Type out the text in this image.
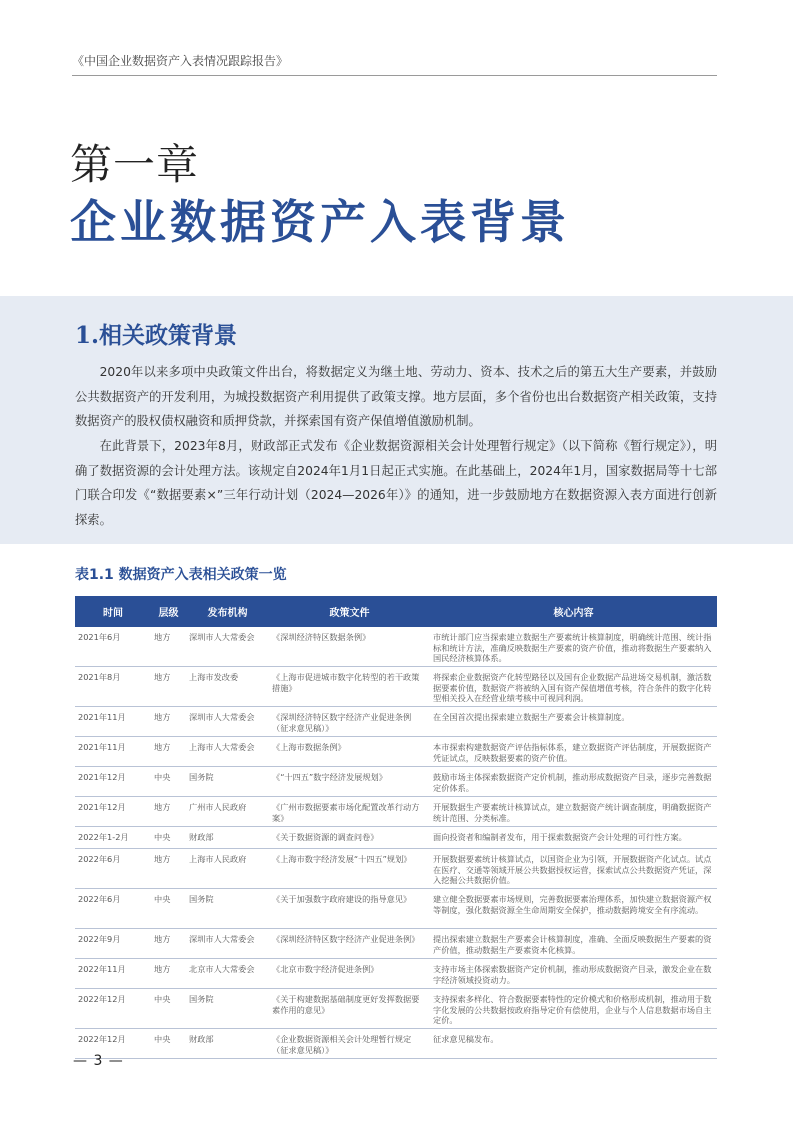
《中国企业数据资产入表情况跟踪报告》
第一章
企业数据资产入表背景
1.相关政策背景

2020年以来多项中央政策文件出台，将数据定义为继土地、劳动力、资本、技术之后的第五大生产要素，并鼓励公共数据资产的开发利用，为城投数据资产利用提供了政策支撑。地方层面，多个省份也出台数据资产相关政策，支持数据资产的股权债权融资和质押贷款，并探索国有资产保值增值激励机制。

在此背景下，2023年8月，财政部正式发布《企业数据资源相关会计处理暂行规定》（以下简称《暂行规定》），明确了数据资源的会计处理方法。该规定自2024年1月1日起正式实施。在此基础上，2024年1月，国家数据局等十七部门联合印发《“数据要素×”三年行动计划（2024—2026年）》的通知，进一步鼓励地方在数据资源入表方面进行创新探索。

表1.1 数据资产入表相关政策一览
时间	层级	发布机构	政策文件	核心内容
2021年6月	地方	深圳市人大常委会	《深圳经济特区数据条例》	市统计部门应当探索建立数据生产要素统计核算制度，明确统计范围、统计指标和统计方法，准确反映数据生产要素的资产价值，推动将数据生产要素纳入国民经济核算体系。
2021年8月	地方	上海市发改委	《上海市促进城市数字化转型的若干政策措施》	将探索企业数据资产化转型路径以及国有企业数据产品进场交易机制，激活数据要素价值，数据资产将被纳入国有资产保值增值考核，符合条件的数字化转型相关投入在经营业绩考核中可视同利润。
2021年11月	地方	深圳市人大常委会	《深圳经济特区数字经济产业促进条例（征求意见稿）》	在全国首次提出探索建立数据生产要素会计核算制度。
2021年11月	地方	上海市人大常委会	《上海市数据条例》	本市探索构建数据资产评估指标体系，建立数据资产评估制度，开展数据资产凭证试点，反映数据要素的资产价值。
2021年12月	中央	国务院	《“十四五”数字经济发展规划》	鼓励市场主体探索数据资产定价机制，推动形成数据资产目录，逐步完善数据定价体系。
2021年12月	地方	广州市人民政府	《广州市数据要素市场化配置改革行动方案》	开展数据生产要素统计核算试点，建立数据资产统计调查制度，明确数据资产统计范围、分类标准。
2022年1-2月	中央	财政部	《关于数据资源的调查问卷》	面向投资者和编制者发布，用于探索数据资产会计处理的可行性方案。
2022年6月	地方	上海市人民政府	《上海市数字经济发展“十四五”规划》	开展数据要素统计核算试点，以国资企业为引领，开展数据资产化试点。试点在医疗、交通等领域开展公共数据授权运营，探索试点公共数据资产凭证，深入挖掘公共数据价值。
2022年6月	中央	国务院	《关于加强数字政府建设的指导意见》	建立健全数据要素市场规则，完善数据要素治理体系，加快建立数据资源产权等制度，强化数据资源全生命周期安全保护，推动数据跨境安全有序流动。
2022年9月	地方	深圳市人大常委会	《深圳经济特区数字经济产业促进条例》	提出探索建立数据生产要素会计核算制度，准确、全面反映数据生产要素的资产价值，推动数据生产要素资本化核算。
2022年11月	地方	北京市人大常委会	《北京市数字经济促进条例》	支持市场主体探索数据资产定价机制，推动形成数据资产目录，激发企业在数字经济领域投资动力。
2022年12月	中央	国务院	《关于构建数据基础制度更好发挥数据要素作用的意见》	支持探索多样化、符合数据要素特性的定价模式和价格形成机制，推动用于数字化发展的公共数据按政府指导定价有偿使用，企业与个人信息数据市场自主定价。
2022年12月	中央	财政部	《企业数据资源相关会计处理暂行规定（征求意见稿）》	征求意见稿发布。
— 3 —
